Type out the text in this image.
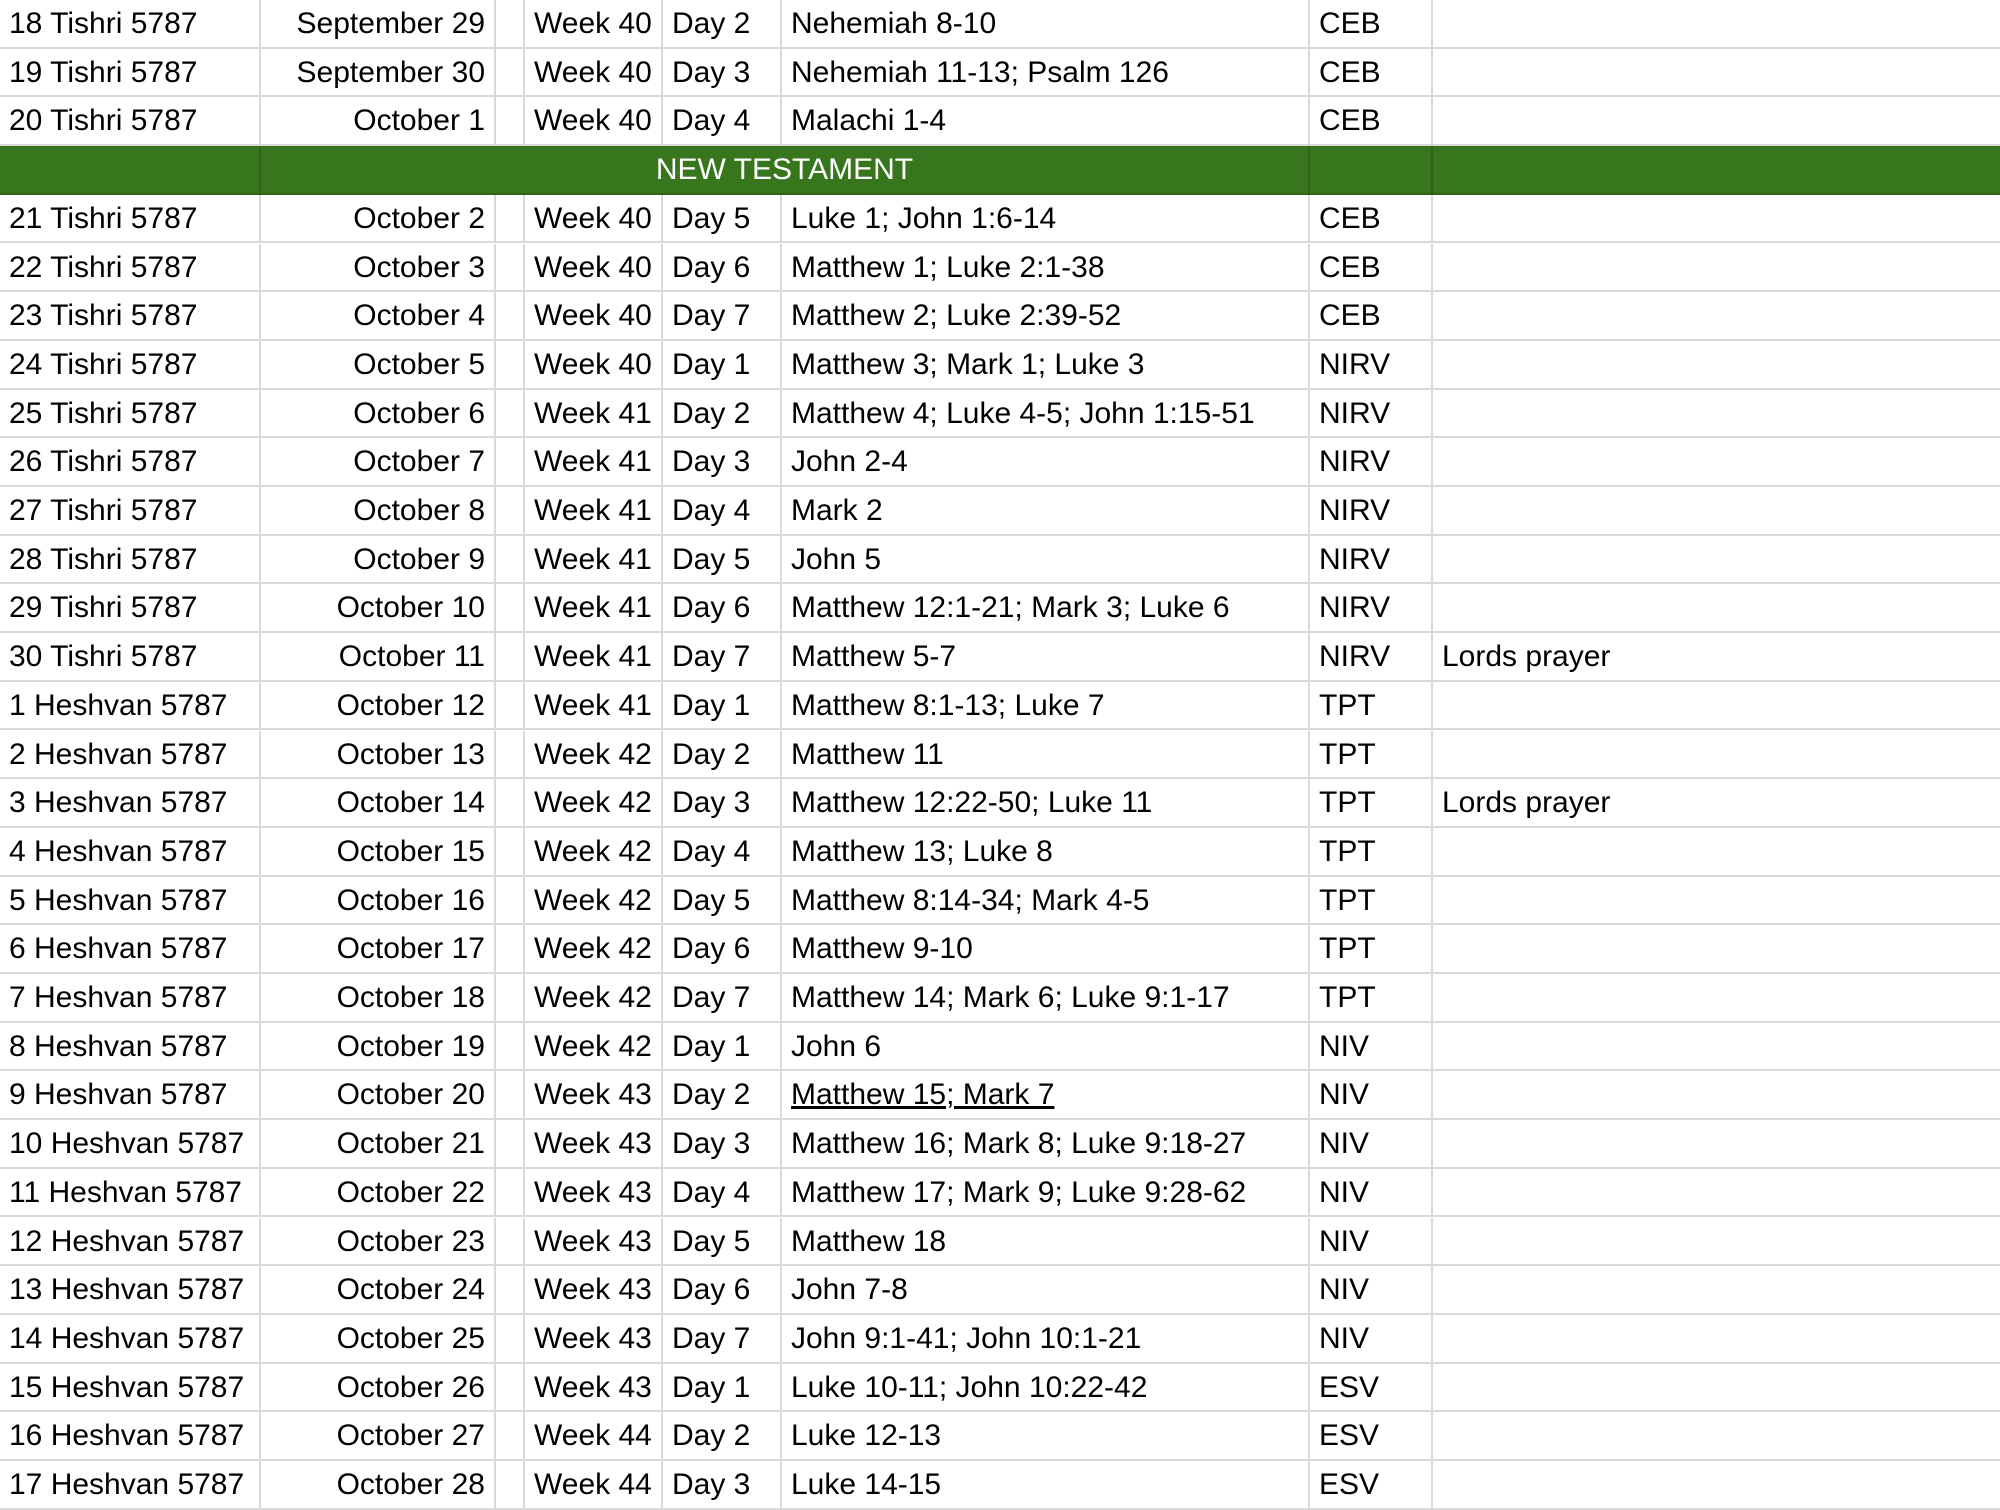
18 Tishri 5787	September 29	Week 40 Day 2	Nehemiah 8-10	CEB
19 Tishri 5787	September 30	Week 40 Day 3	Nehemiah 11-13; Psalm 126	CEB
20 Tishri 5787	October 1	Week 40 Day 4	Malachi 1-4	CEB
NEW TESTAMENT
21 Tishri 5787	October 2	Week 40 Day 5	Luke 1; John 1:6-14	CEB
22 Tishri 5787	October 3	Week 40 Day 6	Matthew 1; Luke 2:1-38	CEB
23 Tishri 5787	October 4	Week 40 Day 7	Matthew 2; Luke 2:39-52	CEB
24 Tishri 5787	October 5	Week 40 Day 1	Matthew 3; Mark 1; Luke 3	NIRV
25 Tishri 5787	October 6	Week 41 Day 2	Matthew 4; Luke 4-5; John 1:15-51	NIRV
26 Tishri 5787	October 7	Week 41 Day 3	John 2-4	NIRV
27 Tishri 5787	October 8	Week 41 Day 4	Mark 2	NIRV
28 Tishri 5787	October 9	Week 41 Day 5	John 5	NIRV
29 Tishri 5787	October 10	Week 41 Day 6	Matthew 12:1-21; Mark 3; Luke 6	NIRV
30 Tishri 5787	October 11	Week 41 Day 7	Matthew 5-7	NIRV	Lords prayer
1 Heshvan 5787	October 12	Week 41 Day 1	Matthew 8:1-13; Luke 7	TPT
2 Heshvan 5787	October 13	Week 42 Day 2	Matthew 11	TPT
3 Heshvan 5787	October 14	Week 42 Day 3	Matthew 12:22-50; Luke 11	TPT	Lords prayer
4 Heshvan 5787	October 15	Week 42 Day 4	Matthew 13; Luke 8	TPT
5 Heshvan 5787	October 16	Week 42 Day 5	Matthew 8:14-34; Mark 4-5	TPT
6 Heshvan 5787	October 17	Week 42 Day 6	Matthew 9-10	TPT
7 Heshvan 5787	October 18	Week 42 Day 7	Matthew 14; Mark 6; Luke 9:1-17	TPT
8 Heshvan 5787	October 19	Week 42 Day 1	John 6	NIV
9 Heshvan 5787	October 20	Week 43 Day 2	Matthew 15; Mark 7	NIV
10 Heshvan 5787	October 21	Week 43 Day 3	Matthew 16; Mark 8; Luke 9:18-27	NIV
11 Heshvan 5787	October 22	Week 43 Day 4	Matthew 17; Mark 9; Luke 9:28-62	NIV
12 Heshvan 5787	October 23	Week 43 Day 5	Matthew 18	NIV
13 Heshvan 5787	October 24	Week 43 Day 6	John 7-8	NIV
14 Heshvan 5787	October 25	Week 43 Day 7	John 9:1-41; John 10:1-21	NIV
15 Heshvan 5787	October 26	Week 43 Day 1	Luke 10-11; John 10:22-42	ESV
16 Heshvan 5787	October 27	Week 44 Day 2	Luke 12-13	ESV
17 Heshvan 5787	October 28	Week 44 Day 3	Luke 14-15	ESV
